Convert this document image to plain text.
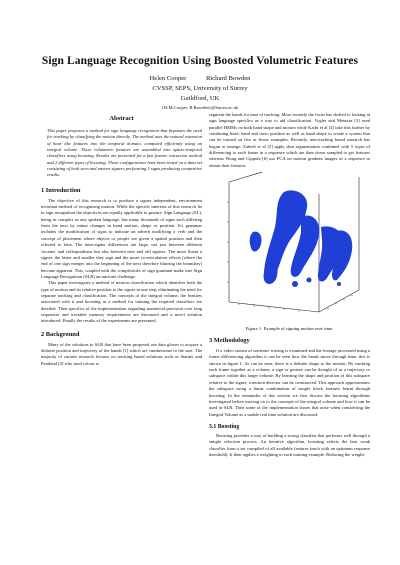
Sign Language Recognition Using Boosted Volumetric Features
Helen Cooper	Richard Bowden
CVSSP, SEPS, University of Surrey
Guildford, UK
{H.M.Cooper, R.Bowden}@Surrey.ac.uk
Abstract

This paper proposes a method for sign language recognition that bypasses the need for tracking by classifying the motion directly. The method uses the natural extension of haar like features into the temporal domain, computed efficiently using an integral volume. These volumetric features are assembled into spatio-temporal classifiers using boosting. Results are presented for a fast feature extraction method and 2 different types of boosting. These configurations have been tested on a data set consisting of both seen and unseen signers performing 5 signs producing competitive results.

1 Introduction

The objective of this research is to produce a signer independent, environment invariant method of recognising motion. While the specific interests of this research lie in sign recognition the objectives are equally applicable to gesture. Sign Language (SL), being as complex as any spoken language, has many thousands of signs each differing from the next by minor changes in hand motion, shape or position. It's grammar includes the modification of signs to indicate an adverb modifying a verb and the concept of placement where objects or people are given a spatial position and then referred to later. The inter-signer differences are large, not just between different 'accents' and colloquialisms but also between new and old signers. The more fluent a signer, the faster and smaller they sign and the more co-articulation effects (where the end of one sign merges into the beginning of the next therefore blurring the boundary) become apparent. This, coupled with the complexities of sign grammar make true Sign Language Recognition (SLR) an intricate challenge.

This paper investigates a method of motion classification which identifies both the type of motion and its relative position to the signer in one step, eliminating the need for separate tracking and classification. The concepts of the integral volume, the features associated with it and boosting as a method for training the required classifiers are detailed. Then specifics of the implementation regarding numerical precision over long sequences and tractable memory requirements are discussed and a novel solution introduced. Finally the results of the experiments are presented.

2 Background

Many of the solutions to SLR that have been proposed use data gloves to acquire a definite position and trajectory of the hands [1] which are cumbersome to the user. The majority of current research focuses on tracking based solutions such as Starner and Pentland [2] who used colour to

segment the hands for ease of tracking. More recently the focus has shifted to looking at sign language specifics as a way to aid classification. Vogler and Metaxas [3] used parallel HMMs on both hand shape and motion while Kadir et al [4] take this further by combining head, hand and torso position as well as hand shape to create a system that can be trained on five or fewer examples. Recently, non-tracking based research has begun to emerge, Zahedi et al [5] apply skin segmentation combined with 5 types of differencing to each frame in a sequence which are then down sampled to get features whereas Wong and Cippola [6] use PCA on motion gradient images of a sequence to obtain their features.

Figure 1: Example of signing motion over time.
3 Methodology

If a video stream of someone waving is examined and the footage processed using a frame differencing algorithm it can be seen how the hands move through time, this is shown in figure 1. As can be seen, there is a definite shape to the motion. By stacking each frame together as a volume, a sign or gesture can be thought of as a trajectory or subspace within this larger volume. By learning the shape and position of this subspace relative to the signer, a motion detector can be constructed. This approach approximates the subspace using a linear combination of simple block features learnt through boosting. In the remainder of this section we first discuss the boosting algorithms investigated before moving on to the concepts of the integral volume and how it can be used in SLR. Then some of the implementation issues that arise when considering the Integral Volume as a usable real time solution are discussed.

3.1 Boosting

Boosting provides a way of building a strong classifier that performs well through a simple selection process. An iterative algorithm, boosting selects the best weak classifier from a set compiled of all available features (each with an optimum response threshold). It then applies a weighting to each training example. Reducing the weight-
